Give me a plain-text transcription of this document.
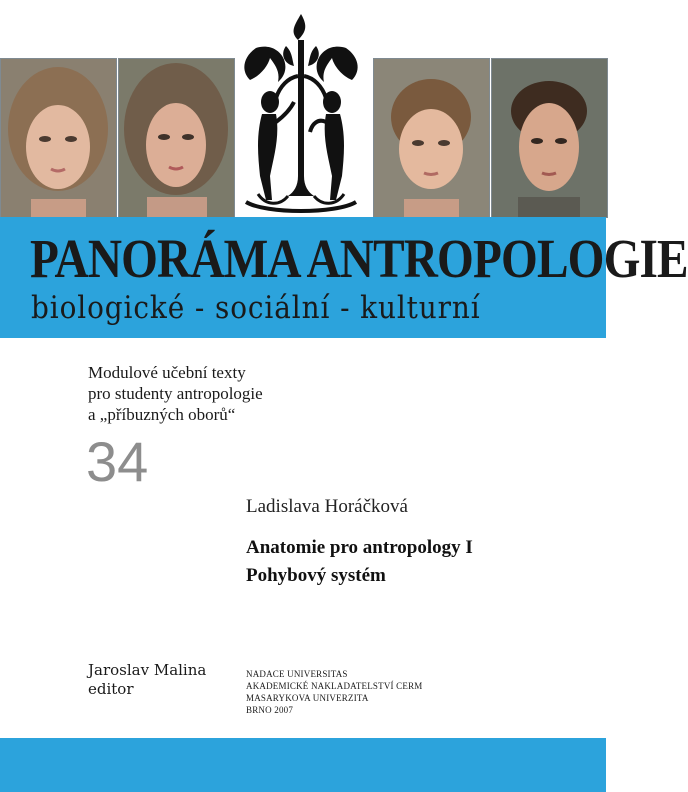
PANORÁMA ANTROPOLOGIE
biologické - sociální - kulturní
Modulové učební texty
pro studenty antropologie
a „příbuzných oborů“
34
Ladislava Horáčková
Anatomie pro antropology I
Pohybový systém
Jaroslav Malina
editor
NADACE UNIVERSITAS
AKADEMICKÉ NAKLADATELSTVÍ CERM
MASARYKOVA UNIVERZITA
BRNO 2007
